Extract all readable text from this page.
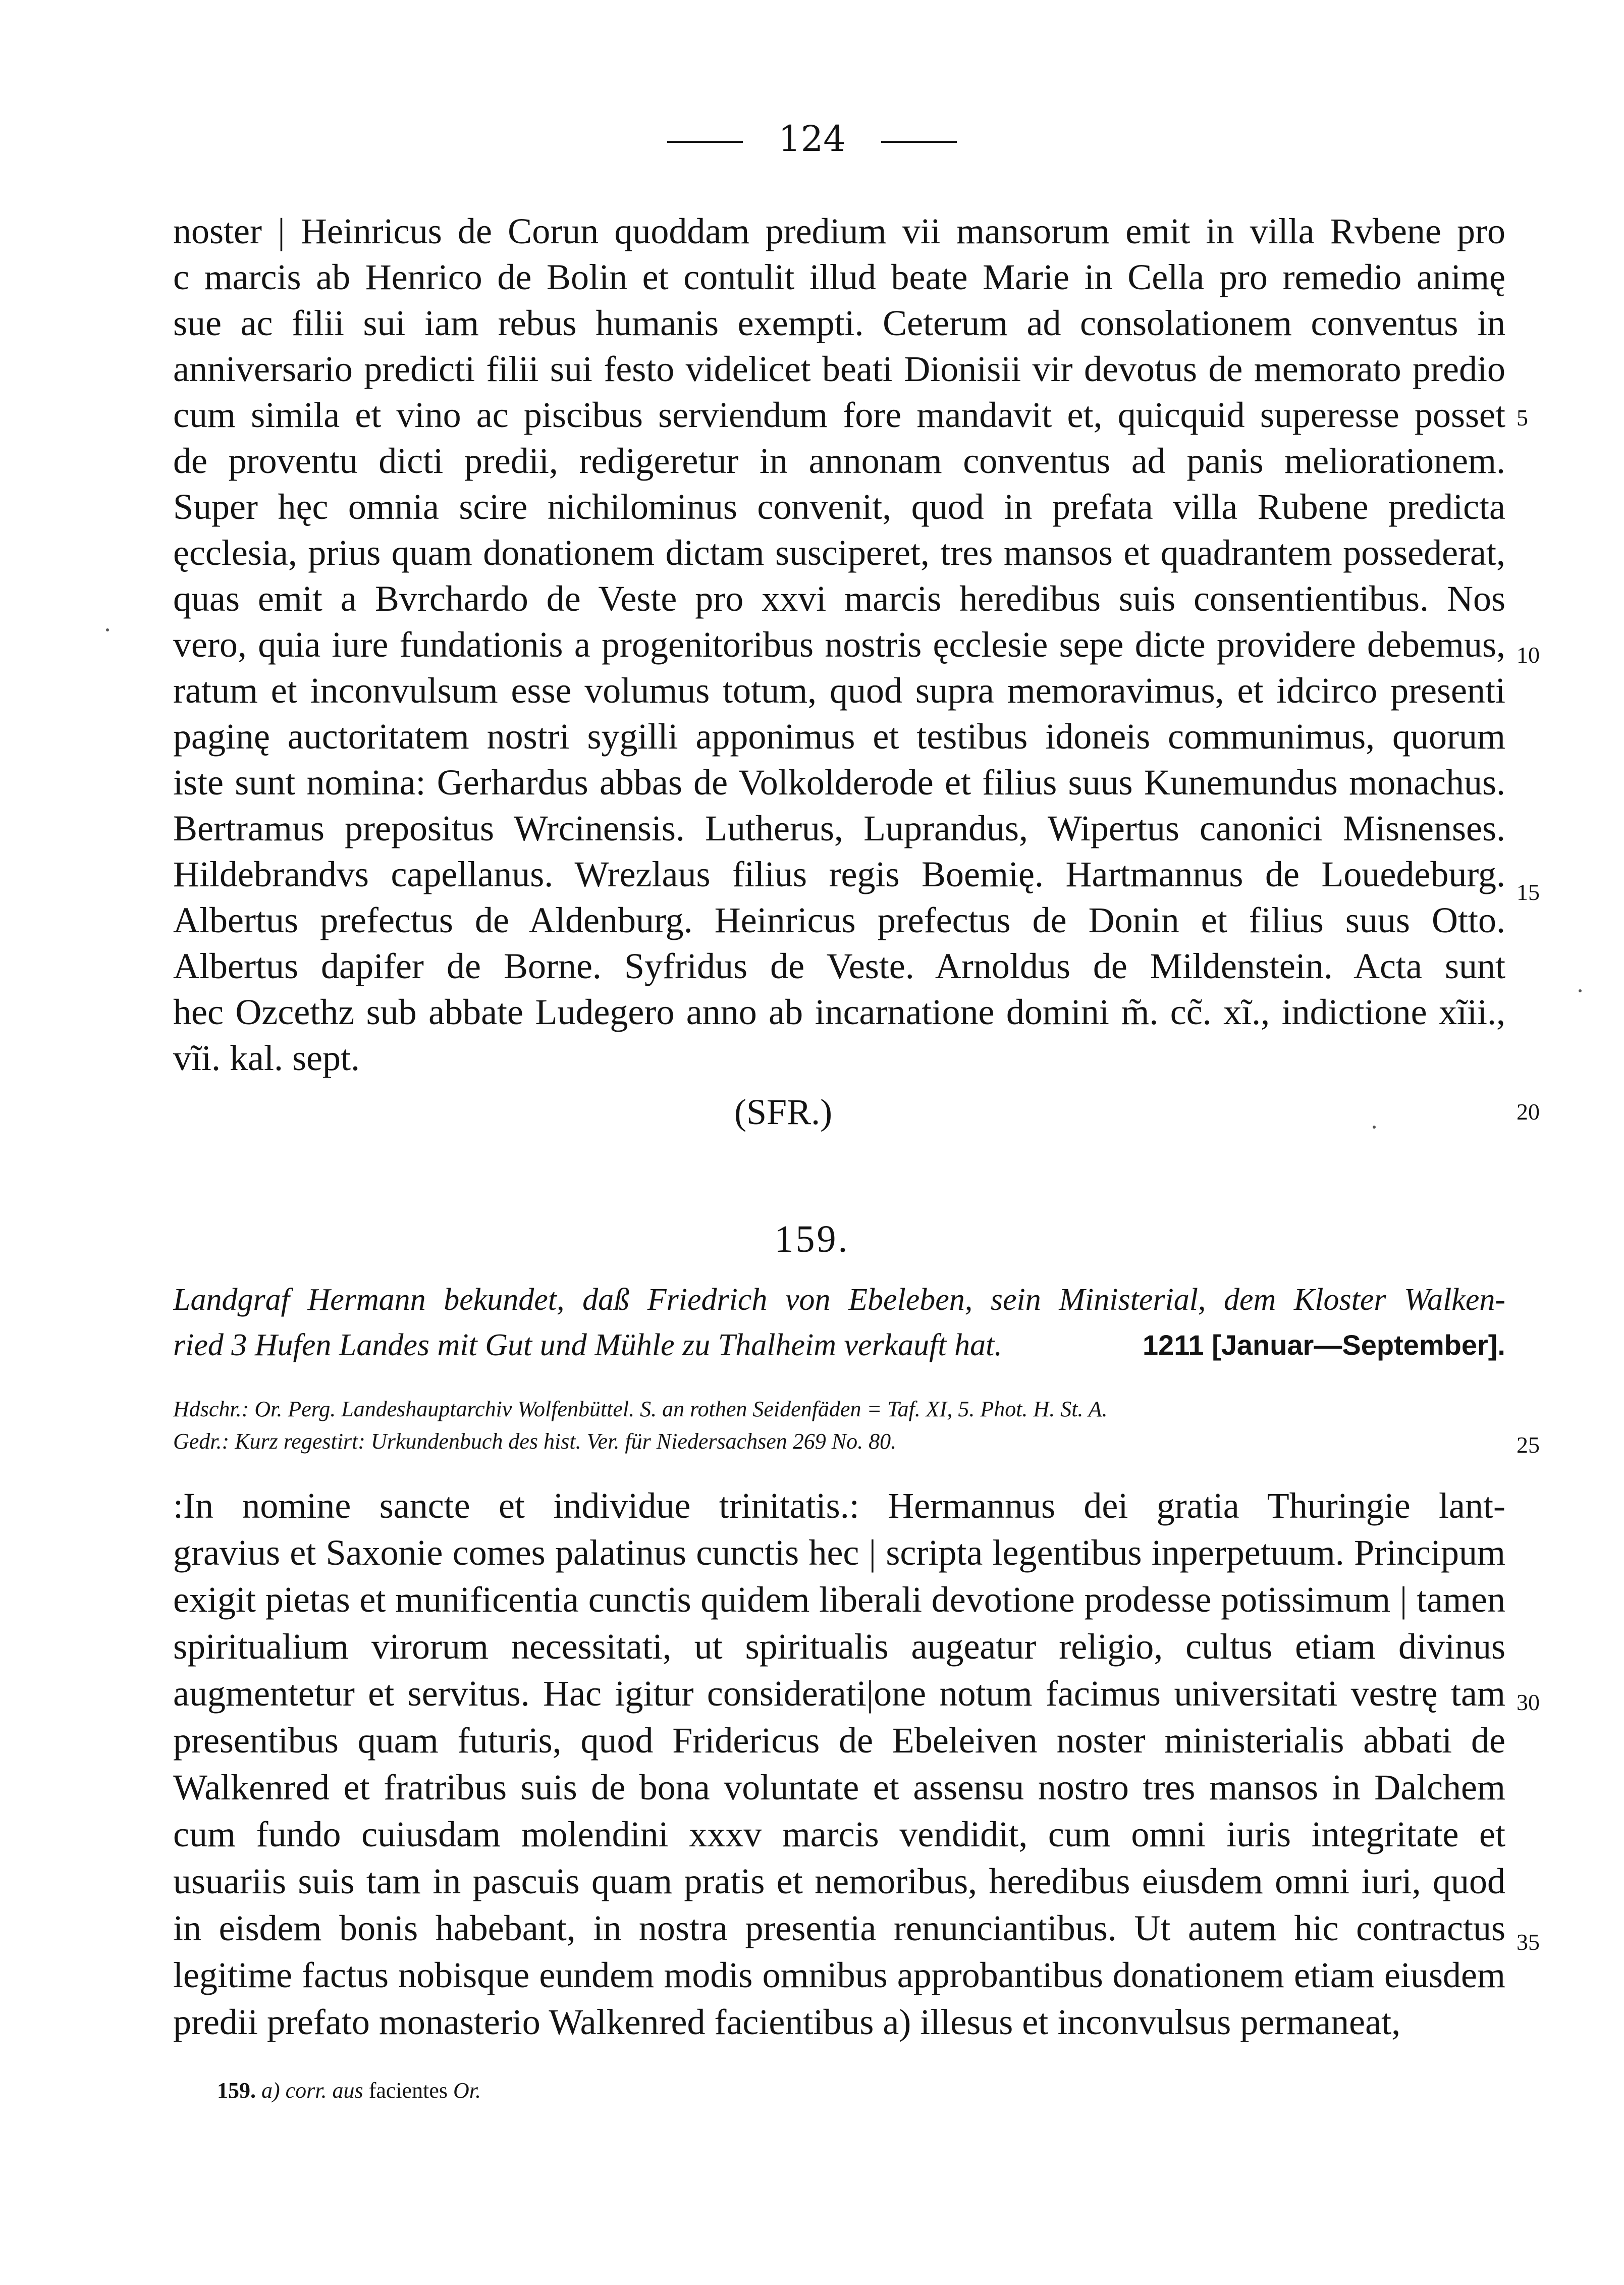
124
noster | Heinricus de Corun quoddam predium vii mansorum emit in villa Rvbene pro
c marcis ab Henrico de Bolin et contulit illud beate Marie in Cella pro remedio animę
sue ac filii sui iam rebus humanis exempti. Ceterum ad consolationem conventus in
anniversario predicti filii sui festo videlicet beati Dionisii vir devotus de memorato predio
cum simila et vino ac piscibus serviendum fore mandavit et, quicquid superesse posset
de proventu dicti predii, redigeretur in annonam conventus ad panis meliorationem.
Super hęc omnia scire nichilominus convenit, quod in prefata villa Rubene predicta
ęcclesia, prius quam donationem dictam susciperet, tres mansos et quadrantem possederat,
quas emit a Bvrchardo de Veste pro xxvi marcis heredibus suis consentientibus. Nos
vero, quia iure fundationis a progenitoribus nostris ęcclesie sepe dicte providere debemus,
ratum et inconvulsum esse volumus totum, quod supra memoravimus, et idcirco presenti
paginę auctoritatem nostri sygilli apponimus et testibus idoneis communimus, quorum
iste sunt nomina: Gerhardus abbas de Volkolderode et filius suus Kunemundus monachus.
Bertramus prepositus Wrcinensis. Lutherus, Luprandus, Wipertus canonici Misnenses.
Hildebrandvs capellanus. Wrezlaus filius regis Boemię. Hartmannus de Louedeburg.
Albertus prefectus de Aldenburg. Heinricus prefectus de Donin et filius suus Otto.
Albertus dapifer de Borne. Syfridus de Veste. Arnoldus de Mildenstein. Acta sunt
hec Ozcethz sub abbate Ludegero anno ab incarnatione domini m̃. cc̃. xĩ., indictione xĩii.,
vĩi. kal. sept.
(SFR.)
159.
Landgraf Hermann bekundet, daß Friedrich von Ebeleben, sein Ministerial, dem Kloster Walken-
ried 3 Hufen Landes mit Gut und Mühle zu Thalheim verkauft hat.	1211 [Januar—September].
Hdschr.: Or. Perg. Landeshauptarchiv Wolfenbüttel. S. an rothen Seidenfäden = Taf. XI, 5. Phot. H. St. A.
Gedr.: Kurz regestirt: Urkundenbuch des hist. Ver. für Niedersachsen 269 No. 80.
:In nomine sancte et individue trinitatis.: Hermannus dei gratia Thuringie lant-
gravius et Saxonie comes palatinus cunctis hec | scripta legentibus inperpetuum. Principum
exigit pietas et munificentia cunctis quidem liberali devotione prodesse potissimum | tamen
spiritualium virorum necessitati, ut spiritualis augeatur religio, cultus etiam divinus
augmentetur et servitus. Hac igitur considerati|one notum facimus universitati vestrę tam
presentibus quam futuris, quod Fridericus de Ebeleiven noster ministerialis abbati de
Walkenred et fratribus suis de bona voluntate et assensu nostro tres mansos in Dalchem
cum fundo cuiusdam molendini xxxv marcis vendidit, cum omni iuris integritate et
usuariis suis tam in pascuis quam pratis et nemoribus, heredibus eiusdem omni iuri, quod
in eisdem bonis habebant, in nostra presentia renunciantibus. Ut autem hic contractus
legitime factus nobisque eundem modis omnibus approbantibus donationem etiam eiusdem
predii prefato monasterio Walkenred facientibus a) illesus et inconvulsus permaneat,
5
10
15
20
25
30
35
159. a) corr. aus facientes Or.
